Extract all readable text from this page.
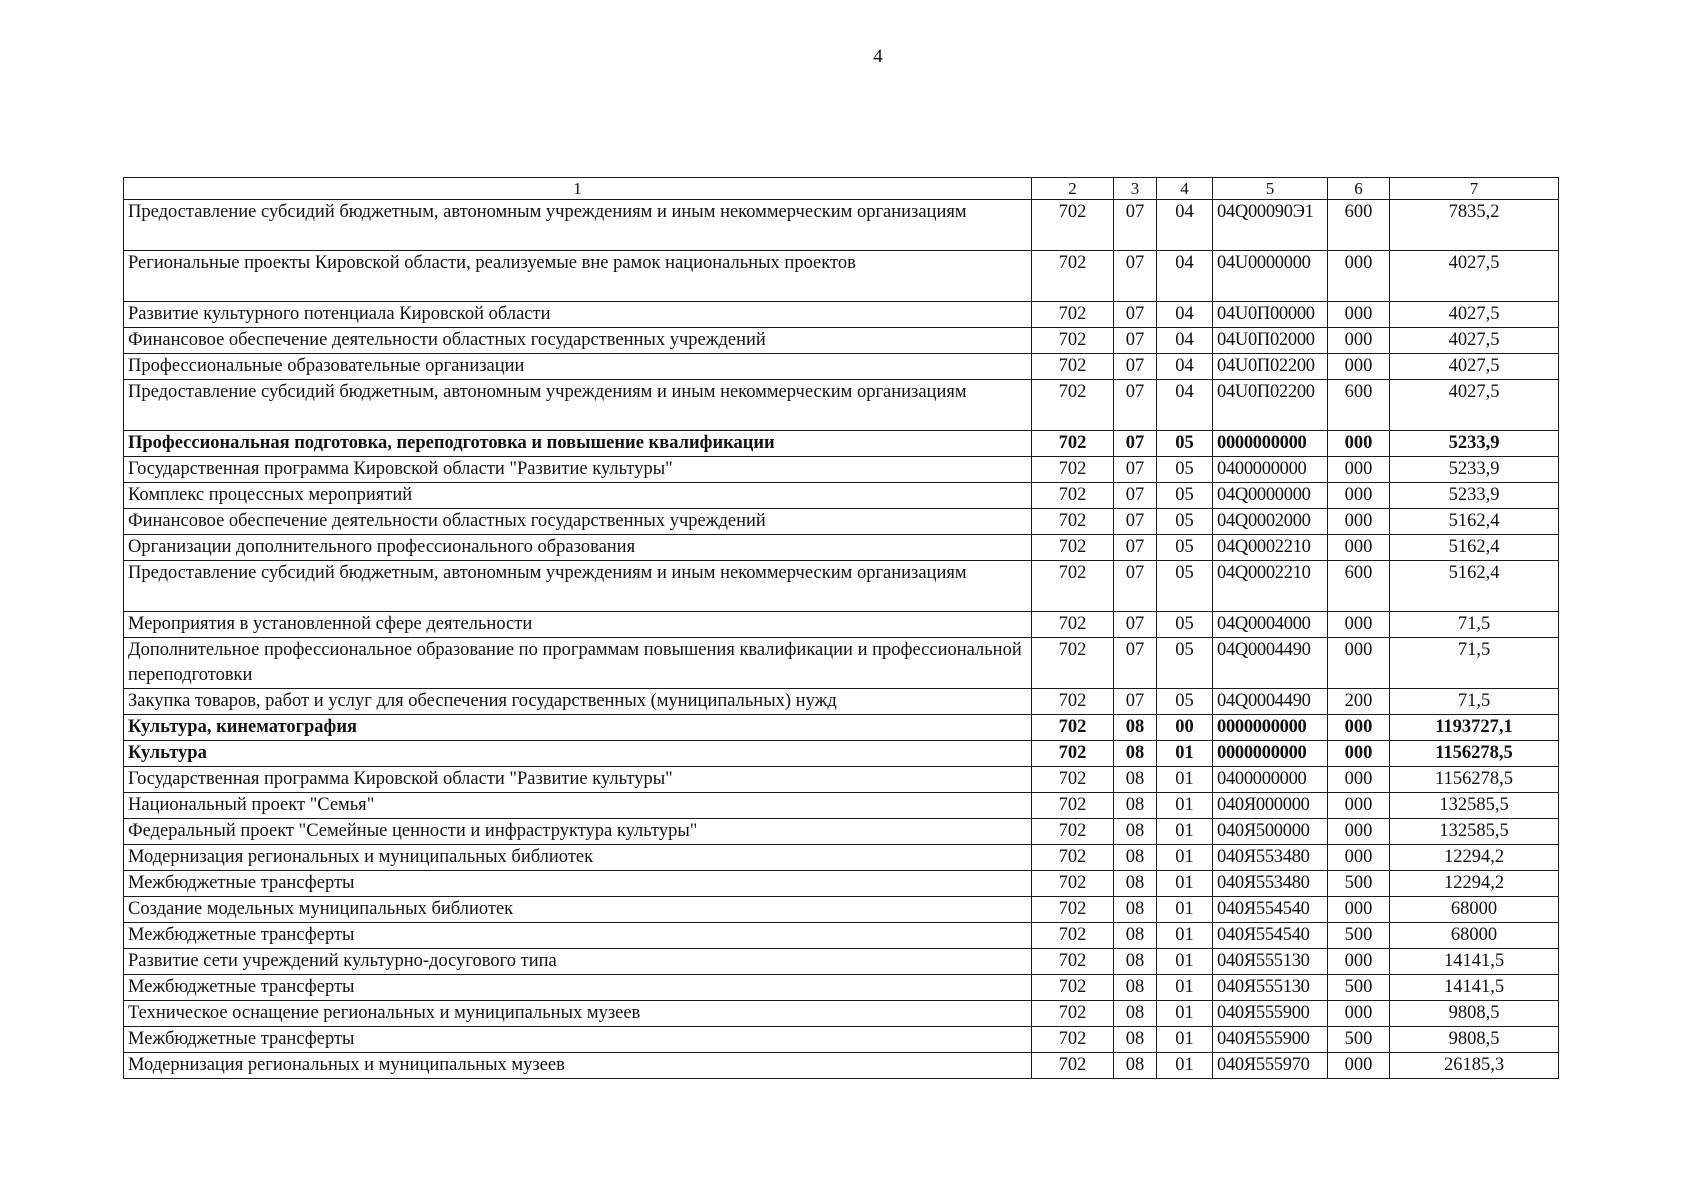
4
1	2	3	4	5	6	7
Предоставление субсидий бюджетным, автономным учреждениям и иным некоммерческим организациям	702	07	04	04Q00090Э1	600	7835,2
Региональные проекты Кировской области, реализуемые вне рамок национальных проектов	702	07	04	04U0000000	000	4027,5
Развитие культурного потенциала Кировской области	702	07	04	04U0П00000	000	4027,5
Финансовое обеспечение деятельности областных государственных учреждений	702	07	04	04U0П02000	000	4027,5
Профессиональные образовательные организации	702	07	04	04U0П02200	000	4027,5
Предоставление субсидий бюджетным, автономным учреждениям и иным некоммерческим организациям	702	07	04	04U0П02200	600	4027,5
Профессиональная подготовка, переподготовка и повышение квалификации	702	07	05	0000000000	000	5233,9
Государственная программа Кировской области "Развитие культуры"	702	07	05	0400000000	000	5233,9
Комплекс процессных мероприятий	702	07	05	04Q0000000	000	5233,9
Финансовое обеспечение деятельности областных государственных учреждений	702	07	05	04Q0002000	000	5162,4
Организации дополнительного профессионального образования	702	07	05	04Q0002210	000	5162,4
Предоставление субсидий бюджетным, автономным учреждениям и иным некоммерческим организациям	702	07	05	04Q0002210	600	5162,4
Мероприятия в установленной сфере деятельности	702	07	05	04Q0004000	000	71,5
Дополнительное профессиональное образование по программам повышения квалификации и профессиональной переподготовки	702	07	05	04Q0004490	000	71,5
Закупка товаров, работ и услуг для обеспечения государственных (муниципальных) нужд	702	07	05	04Q0004490	200	71,5
Культура, кинематография	702	08	00	0000000000	000	1193727,1
Культура	702	08	01	0000000000	000	1156278,5
Государственная программа Кировской области "Развитие культуры"	702	08	01	0400000000	000	1156278,5
Национальный проект "Семья"	702	08	01	040Я000000	000	132585,5
Федеральный проект "Семейные ценности и инфраструктура культуры"	702	08	01	040Я500000	000	132585,5
Модернизация региональных и муниципальных библиотек	702	08	01	040Я553480	000	12294,2
Межбюджетные трансферты	702	08	01	040Я553480	500	12294,2
Создание модельных муниципальных библиотек	702	08	01	040Я554540	000	68000
Межбюджетные трансферты	702	08	01	040Я554540	500	68000
Развитие сети учреждений культурно-досугового типа	702	08	01	040Я555130	000	14141,5
Межбюджетные трансферты	702	08	01	040Я555130	500	14141,5
Техническое оснащение региональных и муниципальных музеев	702	08	01	040Я555900	000	9808,5
Межбюджетные трансферты	702	08	01	040Я555900	500	9808,5
Модернизация региональных и муниципальных музеев	702	08	01	040Я555970	000	26185,3
